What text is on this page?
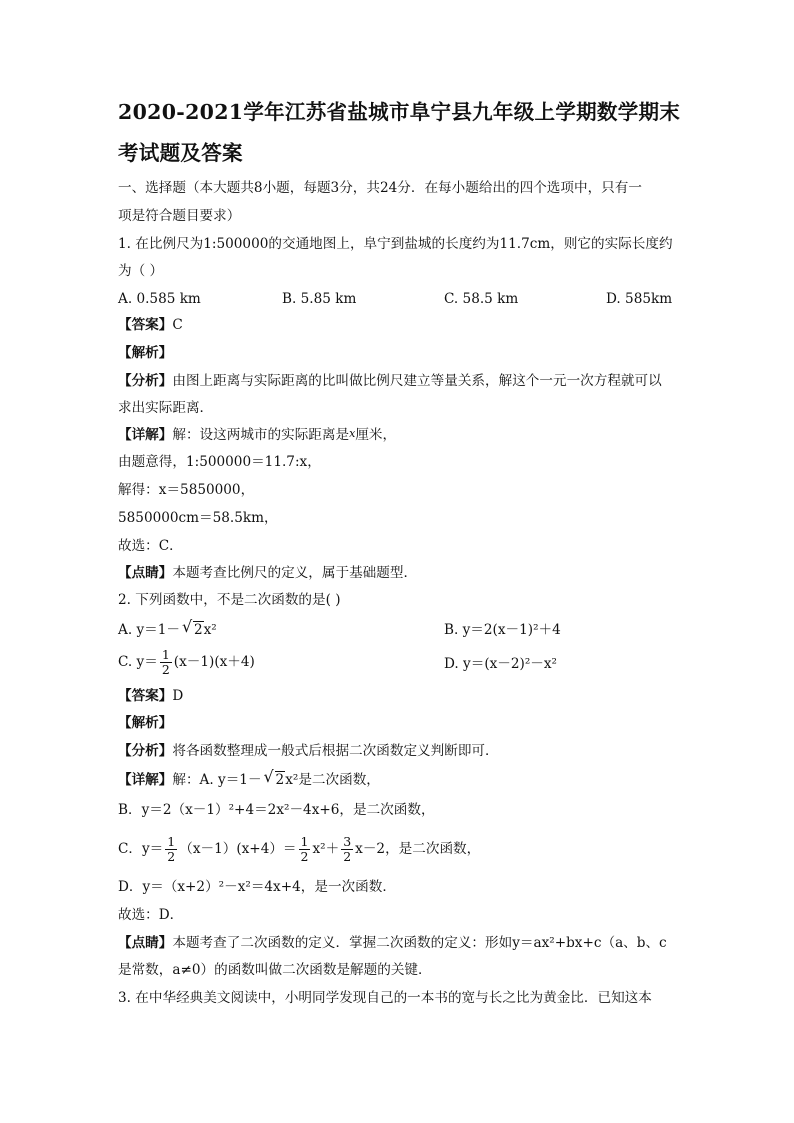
2020-2021学年江苏省盐城市阜宁县九年级上学期数学期末
考试题及答案
一、选择题（本大题共8小题，每题3分，共24分．在每小题给出的四个选项中，只有一
项是符合题目要求）
1. 在比例尺为1:500000的交通地图上，阜宁到盐城的长度约为11.7cm，则它的实际长度约
为（ ）
A. 0.585 km	B. 5.85 km	C. 58.5 km	D. 585km
【答案】C
【解析】
【分析】由图上距离与实际距离的比叫做比例尺建立等量关系，解这个一元一次方程就可以
求出实际距离．
【详解】解：设这两城市的实际距离是x厘米，
由题意得，1:500000＝11.7:x，
解得：x＝5850000，
5850000cm＝58.5km，
故选：C．
【点睛】本题考查比例尺的定义，属于基础题型．
2. 下列函数中，不是二次函数的是( )
A. y＝1－ √ 2x²	B. y＝2(x－1)²＋4
C. $y= \frac{1}{2} (x-1)(x+4)$	D. y＝(x－2)²－x²
【答案】D
【解析】
【分析】将各函数整理成一般式后根据二次函数定义判断即可．
【详解】解：A. y＝1－ √ 2x²是二次函数，
B．y＝2（x－1）²+4＝2x²－4x+6，是二次函数，
C．$y= \frac{1}{2} (x-1)(x+4)= \frac{1}{2} x^2+ \frac{3}{2} x-2$，是二次函数，
D．y＝（x+2）²－x²＝4x+4，是一次函数．
故选：D．
【点睛】本题考查了二次函数的定义．掌握二次函数的定义：形如y＝ax²+bx+c（a、b、c
是常数，a≠0）的函数叫做二次函数是解题的关键．
3. 在中华经典美文阅读中，小明同学发现自己的一本书的宽与长之比为黄金比．已知这本
